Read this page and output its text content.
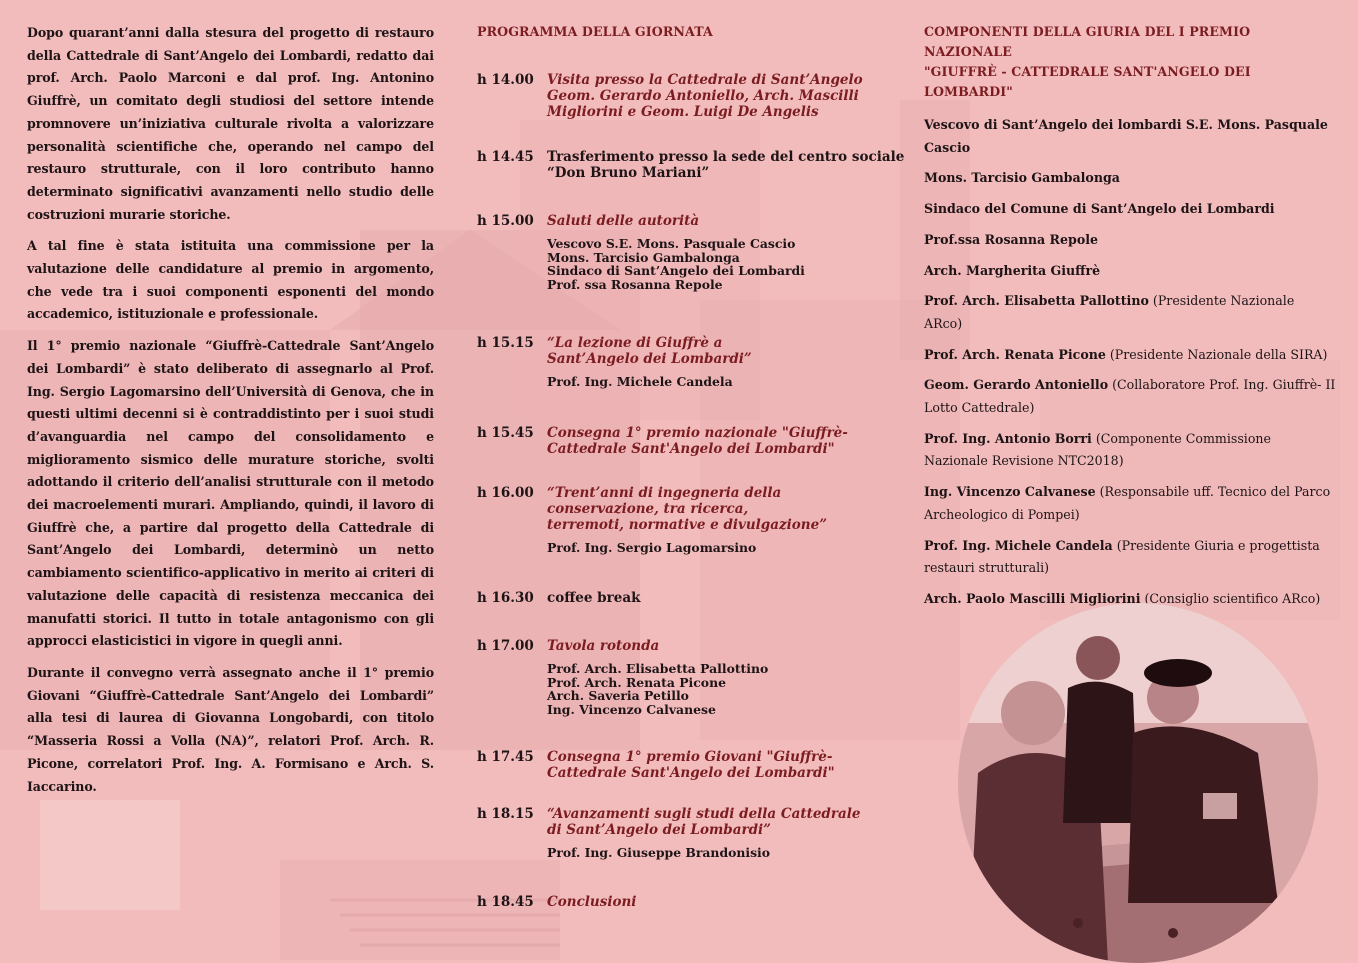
Dopo quarant’anni dalla stesura del progetto di restauro della Cattedrale di Sant’Angelo dei Lombardi, redatto dai prof. Arch. Paolo Marconi e dal prof. Ing. Antonino Giuffrè, un comitato degli studiosi del settore intende promnovere un’iniziativa culturale rivolta a valorizzare personalità scientifiche che, operando nel campo del restauro strutturale, con il loro contributo hanno determinato significativi avanzamenti nello studio delle costruzioni murarie storiche.

A tal fine è stata istituita una commissione per la valutazione delle candidature al premio in argomento, che vede tra i suoi componenti esponenti del mondo accademico, istituzionale e professionale.

Il 1° premio nazionale “Giuffrè-Cattedrale Sant’Angelo dei Lombardi” è stato deliberato di assegnarlo al Prof. Ing. Sergio Lagomarsino dell’Università di Genova, che in questi ultimi decenni si è contraddistinto per i suoi studi d’avanguardia nel campo del consolidamento e miglioramento sismico delle murature storiche, svolti adottando il criterio dell’analisi strutturale con il metodo dei macroelementi murari. Ampliando, quindi, il lavoro di Giuffrè che, a partire dal progetto della Cattedrale di Sant’Angelo dei Lombardi, determinò un netto cambiamento scientifico-applicativo in merito ai criteri di valutazione delle capacità di resistenza meccanica dei manufatti storici. Il tutto in totale antagonismo con gli approcci elasticistici in vigore in quegli anni.

Durante il convegno verrà assegnato anche il 1° premio Giovani “Giuffrè-Cattedrale Sant’Angelo dei Lombardi” alla tesi di laurea di Giovanna Longobardi, con titolo “Masseria Rossi a Volla (NA)”, relatori Prof. Arch. R. Picone, correlatori Prof. Ing. A. Formisano e Arch. S. Iaccarino.

PROGRAMMA DELLA GIORNATA
h 14.00 Visita presso la Cattedrale di Sant’Angelo Geom. Gerardo Antoniello, Arch. Mascilli Migliorini e Geom. Luigi De Angelis
h 14.45 Trasferimento presso la sede del centro sociale “Don Bruno Mariani”
h 15.00 Saluti delle autorità
Vescovo S.E. Mons. Pasquale Cascio
Mons. Tarcisio Gambalonga
Sindaco di Sant’Angelo dei Lombardi
Prof. ssa Rosanna Repole
h 15.15 “La lezione di Giuffrè a Sant’Angelo dei Lombardi”
Prof. Ing. Michele Candela
h 15.45 Consegna 1° premio nazionale "Giuffrè-Cattedrale Sant'Angelo dei Lombardi"
h 16.00 “Trent’anni di ingegneria della conservazione, tra ricerca, terremoti, normative e divulgazione”
Prof. Ing. Sergio Lagomarsino
h 16.30 coffee break
h 17.00 Tavola rotonda
Prof. Arch. Elisabetta Pallottino
Prof. Arch. Renata Picone
Arch. Saveria Petillo
Ing. Vincenzo Calvanese
h 17.45 Consegna 1° premio Giovani "Giuffrè-Cattedrale Sant'Angelo dei Lombardi"
h 18.15 “Avanzamenti sugli studi della Cattedrale di Sant’Angelo dei Lombardi”
Prof. Ing. Giuseppe Brandonisio
h 18.45 Conclusioni
COMPONENTI DELLA GIURIA DEL I PREMIO NAZIONALE
"GIUFFRÈ - CATTEDRALE SANT'ANGELO DEI LOMBARDI"
Vescovo di Sant’Angelo dei lombardi S.E. Mons. Pasquale Cascio
Mons. Tarcisio Gambalonga
Sindaco del Comune di Sant’Angelo dei Lombardi
Prof.ssa Rosanna Repole
Arch. Margherita Giuffrè
Prof. Arch. Elisabetta Pallottino (Presidente Nazionale ARco)
Prof. Arch. Renata Picone (Presidente Nazionale della SIRA)
Geom. Gerardo Antoniello (Collaboratore Prof. Ing. Giuffrè- II Lotto Cattedrale)
Prof. Ing. Antonio Borri (Componente Commissione Nazionale Revisione NTC2018)
Ing. Vincenzo Calvanese (Responsabile uff. Tecnico del Parco Archeologico di Pompei)
Prof. Ing. Michele Candela (Presidente Giuria e progettista restauri strutturali)
Arch. Paolo Mascilli Migliorini (Consiglio scientifico ARco)
